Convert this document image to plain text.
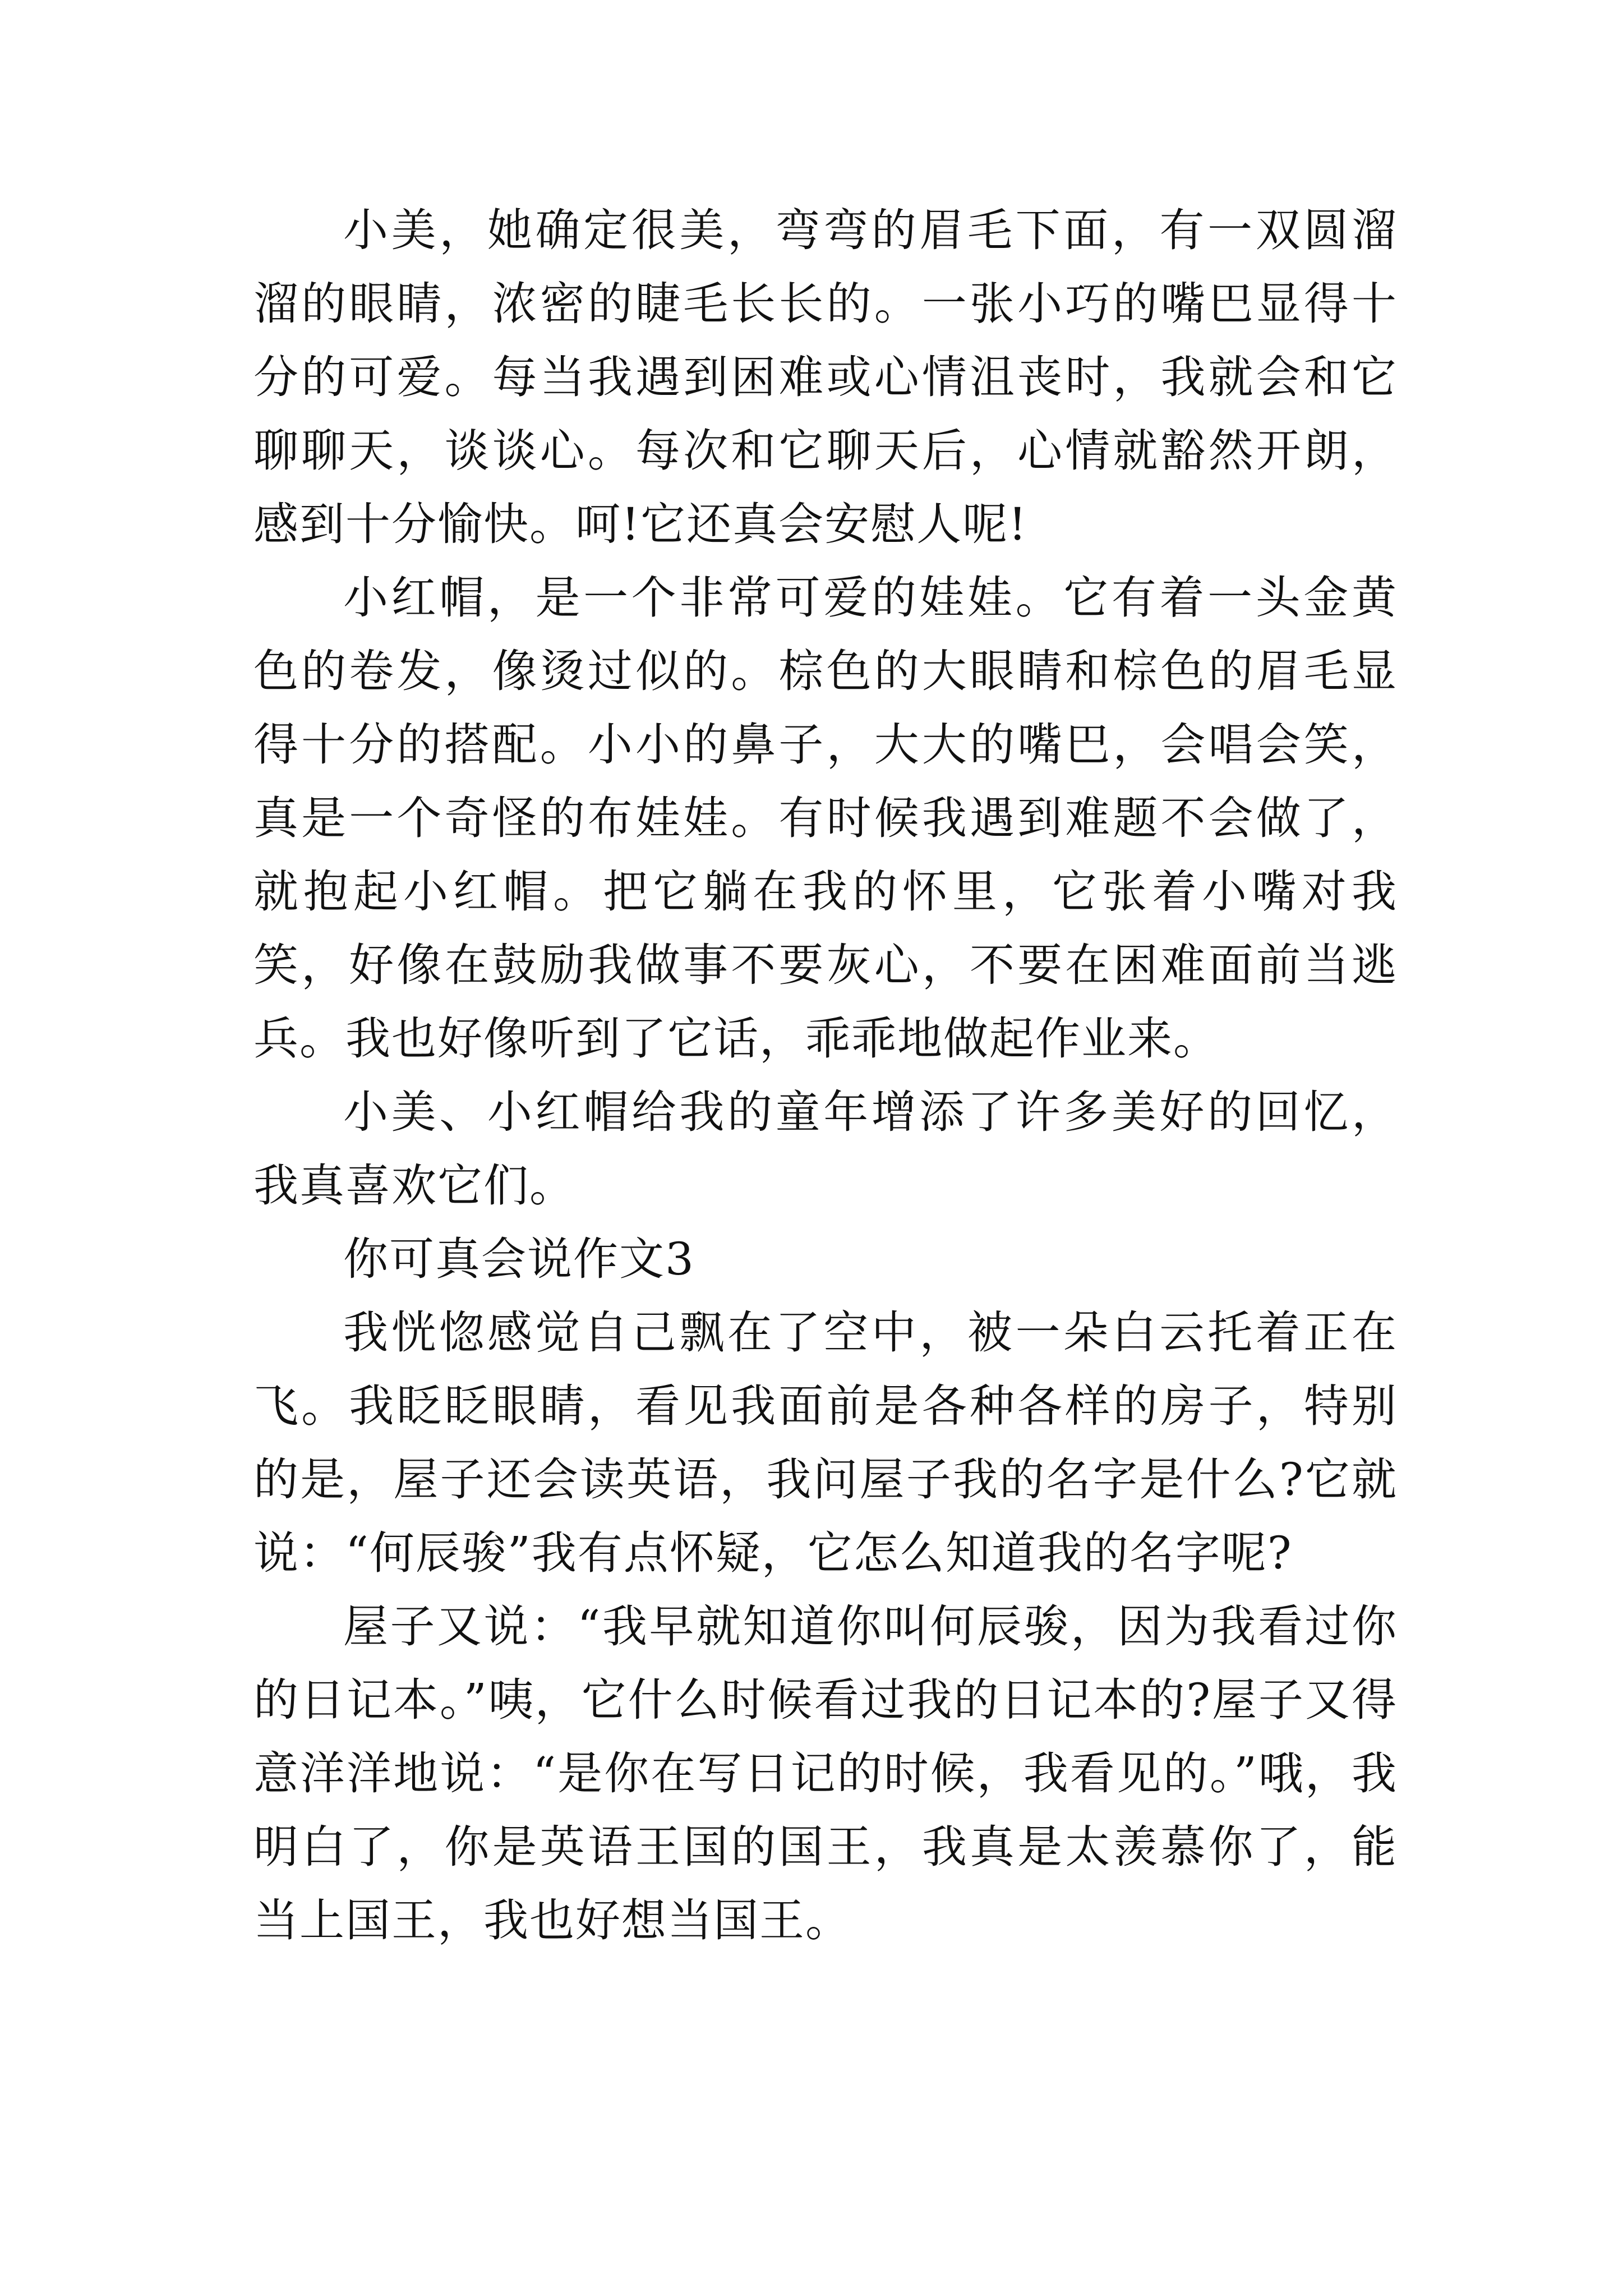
小美，她确定很美，弯弯的眉毛下面，有一双圆溜溜的眼睛，浓密的睫毛长长的。一张小巧的嘴巴显得十分的可爱。每当我遇到困难或心情沮丧时，我就会和它聊聊天，谈谈心。每次和它聊天后，心情就豁然开朗，感到十分愉快。呵!它还真会安慰人呢!

小红帽，是一个非常可爱的娃娃。它有着一头金黄色的卷发，像烫过似的。棕色的大眼睛和棕色的眉毛显得十分的搭配。小小的鼻子，大大的嘴巴，会唱会笑，真是一个奇怪的布娃娃。有时候我遇到难题不会做了，就抱起小红帽。把它躺在我的怀里，它张着小嘴对我笑，好像在鼓励我做事不要灰心，不要在困难面前当逃兵。我也好像听到了它话，乖乖地做起作业来。

小美、小红帽给我的童年增添了许多美好的回忆，我真喜欢它们。

你可真会说作文3

我恍惚感觉自己飘在了空中，被一朵白云托着正在飞。我眨眨眼睛，看见我面前是各种各样的房子，特别的是，屋子还会读英语，我问屋子我的名字是什么?它就说：“何辰骏”我有点怀疑，它怎么知道我的名字呢?

屋子又说：“我早就知道你叫何辰骏，因为我看过你的日记本。”咦，它什么时候看过我的日记本的?屋子又得意洋洋地说：“是你在写日记的时候，我看见的。”哦，我明白了，你是英语王国的国王，我真是太羡慕你了，能当上国王，我也好想当国王。
